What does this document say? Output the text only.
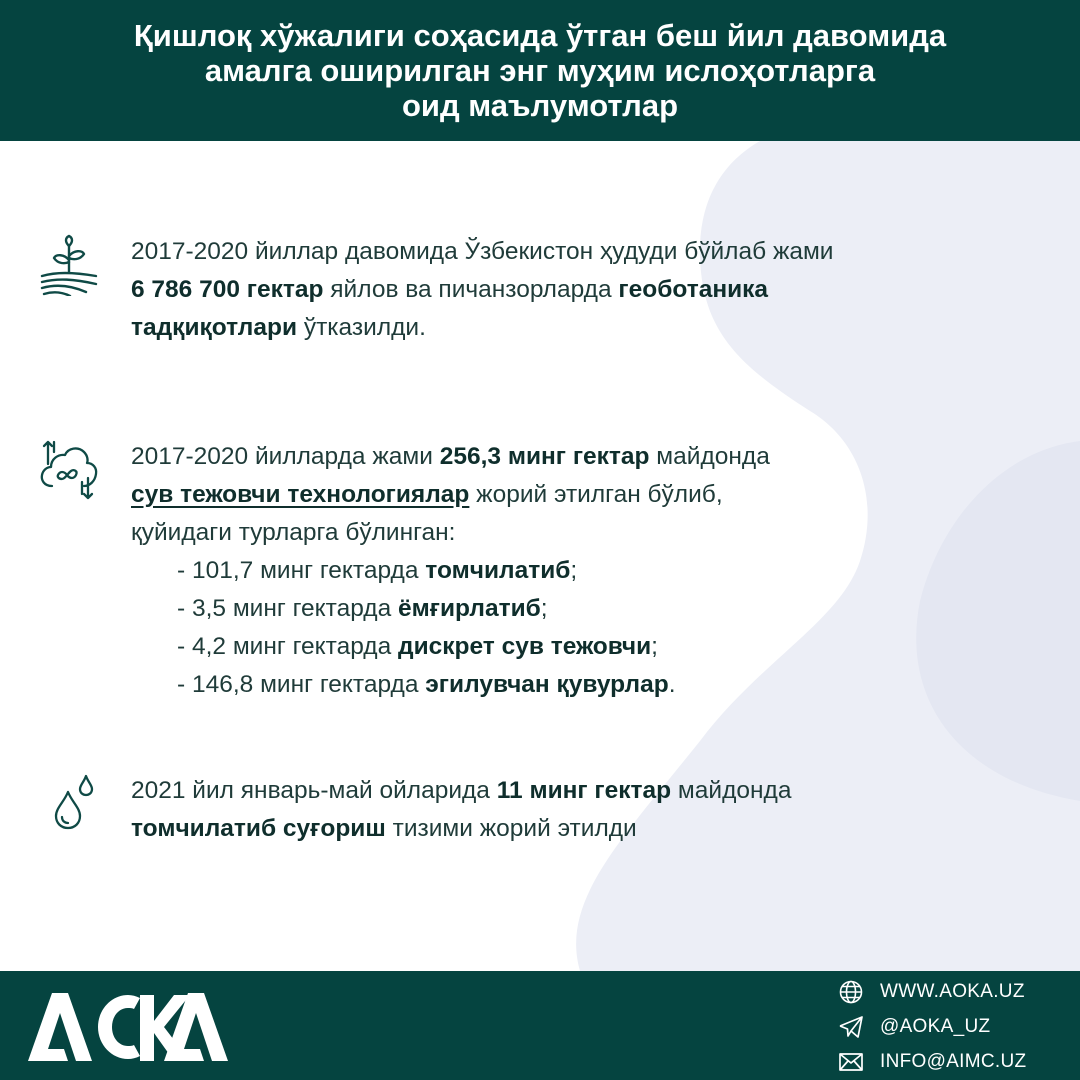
Қишлоқ хўжалиги соҳасида ўтган беш йил давомида
амалга оширилган энг муҳим ислоҳотларга
оид маълумотлар
2017-2020 йиллар давомида Ўзбекистон ҳудуди бўйлаб жами
6 786 700 гектар яйлов ва пичанзорларда геоботаника
тадқиқотлари ўтказилди.
2017-2020 йилларда жами 256,3 минг гектар майдонда
сув тежовчи технологиялар жорий этилган бўлиб,
қуйидаги турларга бўлинган:

- 101,7 минг гектарда томчилатиб;
- 3,5 минг гектарда ёмғирлатиб;
- 4,2 минг гектарда дискрет сув тежовчи;
- 146,8 минг гектарда эгилувчан қувурлар.
2021 йил январь-май ойларида 11 минг гектар майдонда
томчилатиб суғориш тизими жорий этилди
WWW.AOKA.UZ
@AOKA_UZ
INFO@AIMC.UZ
